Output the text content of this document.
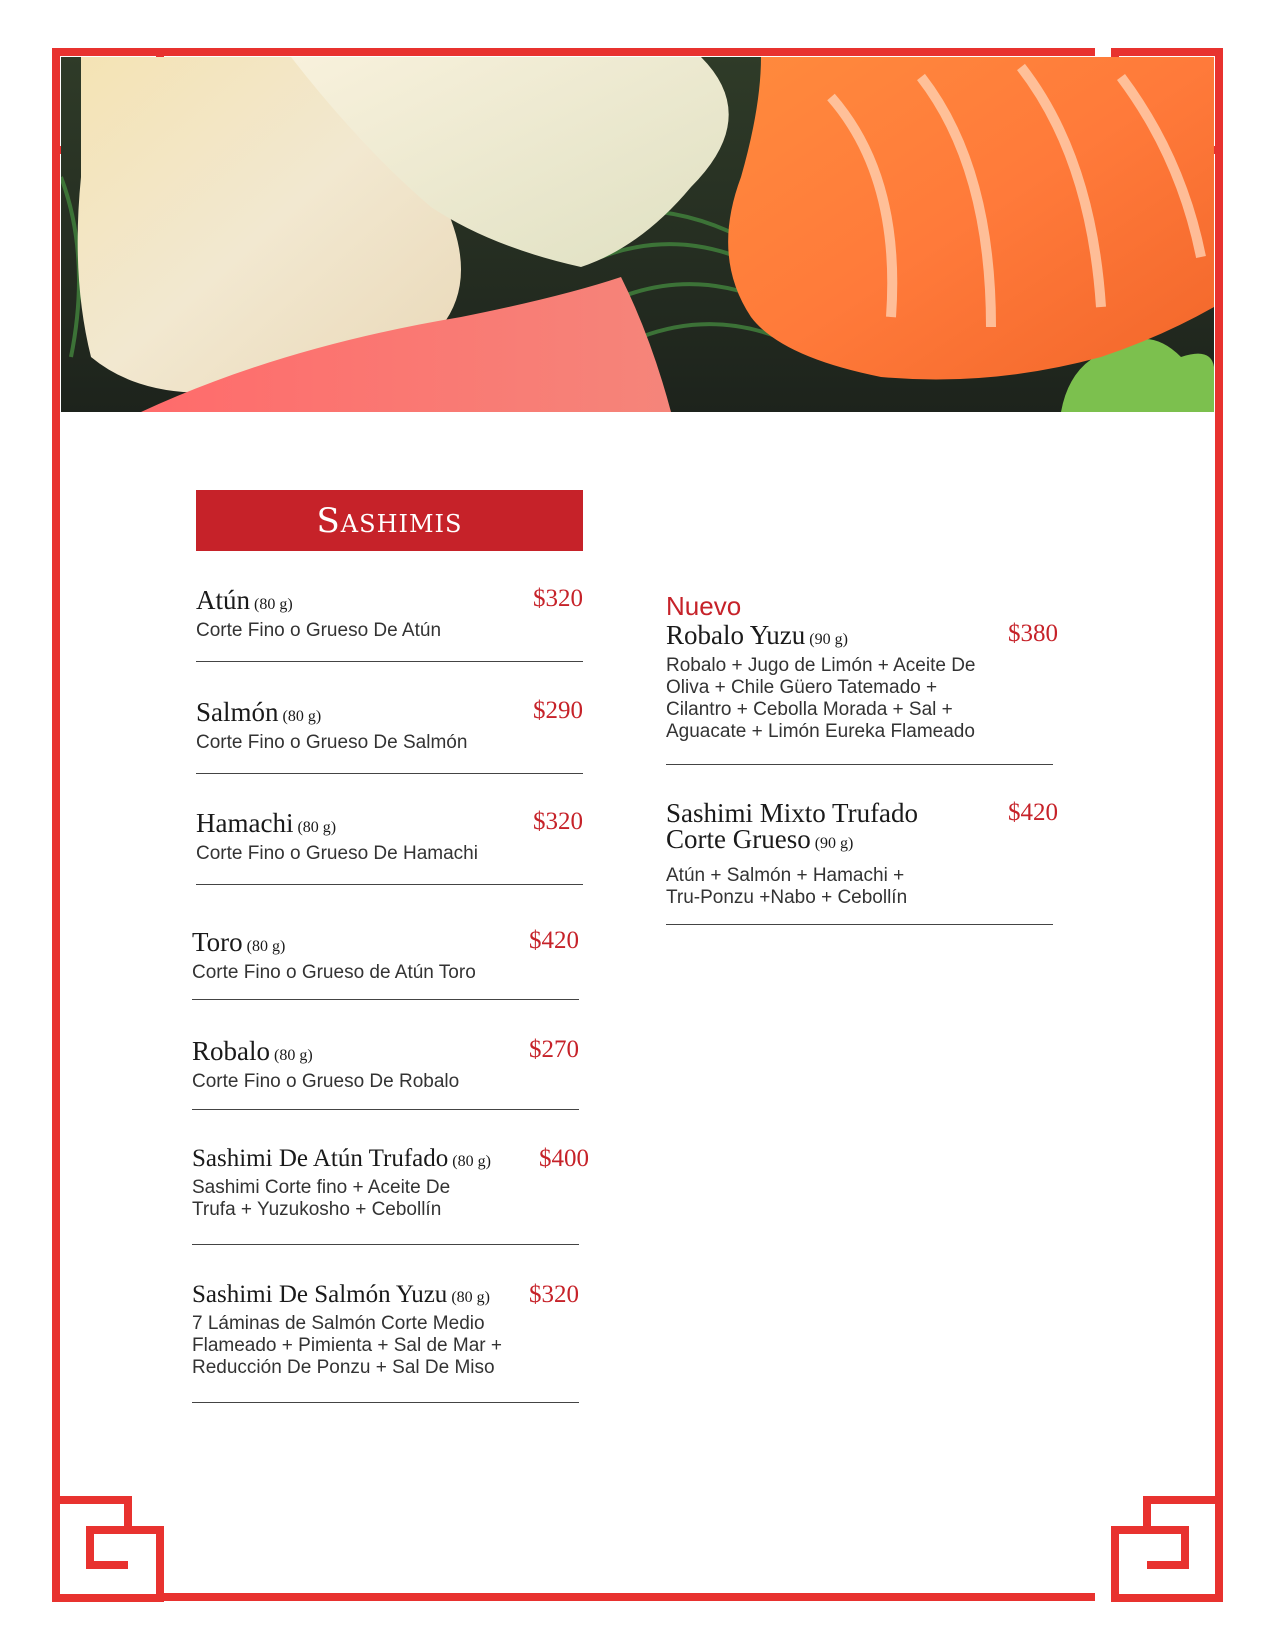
Sashimis
Atún (80 g)	$320
Corte Fino o Grueso De Atún
Salmón (80 g)	$290
Corte Fino o Grueso De Salmón
Hamachi (80 g)	$320
Corte Fino o Grueso De Hamachi
Toro (80 g)	$420
Corte Fino o Grueso de Atún Toro
Robalo (80 g)	$270
Corte Fino o Grueso De Robalo
Sashimi De Atún Trufado (80 g) $400
Sashimi Corte fino + Aceite De
Trufa + Yuzukosho + Cebollín
Sashimi De Salmón Yuzu (80 g) $320
7 Láminas de Salmón Corte Medio
Flameado + Pimienta + Sal de Mar +
Reducción De Ponzu + Sal De Miso
Nuevo
Robalo Yuzu (90 g)	$380
Robalo + Jugo de Limón + Aceite De
Oliva + Chile Güero Tatemado +
Cilantro + Cebolla Morada + Sal +
Aguacate + Limón Eureka Flameado
Sashimi Mixto Trufado
Corte Grueso (90 g)
$420
Atún + Salmón + Hamachi +
Tru-Ponzu +Nabo + Cebollín
